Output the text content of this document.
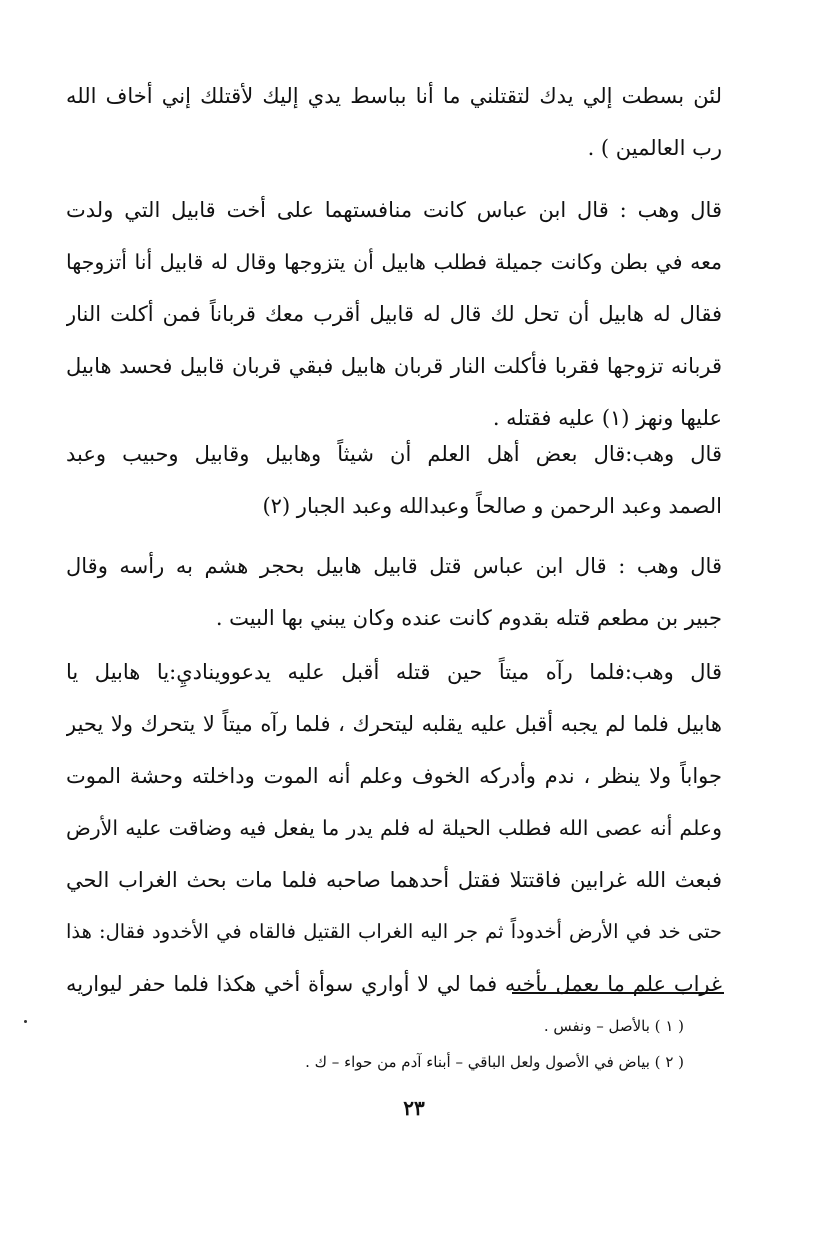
لئن بسطت إلي يدك لتقتلني ما أنا بباسط يدي إليك لأقتلك إني أخاف الله
رب العالمين ) .
قال وهب : قال ابن عباس كانت منافستهما على أخت قابيل التي ولدت
معه في بطن وكانت جميلة فطلب هابيل أن يتزوجها وقال له قابيل أنا أتزوجها
فقال له هابيل أن تحل لك قال له قابيل أقرب معك قرباناً فمن أكلت النار
قربانه تزوجها فقربا فأكلت النار قربان هابيل فبقي قربان قابيل فحسد هابيل
عليها ونهز (١) عليه فقتله .
قال وهب:قال بعض أهل العلم أن شيثاً وهابيل وقابيل وحبيب وعبد
الصمد وعبد الرحمن و صالحاً وعبدالله وعبد الجبار (٢)
قال وهب : قال ابن عباس قتل قابيل هابيل بحجر هشم به رأسه وقال
جبير بن مطعم قتله بقدوم كانت عنده وكان يبني بها البيت .
قال وهب:فلما رآه ميتاً حين قتله أقبل عليه يدعوويناديِ:يا هابيل يا
هابيل فلما لم يجبه أقبل عليه يقلبه ليتحرك ، فلما رآه ميتاً لا يتحرك ولا يحير
جواباً ولا ينظر ، ندم وأدركه الخوف وعلم أنه الموت وداخلته وحشة الموت
وعلم أنه عصى الله فطلب الحيلة له فلم يدر ما يفعل فيه وضاقت عليه الأرض
فبعث الله غرابين فاقتتلا فقتل أحدهما صاحبه فلما مات بحث الغراب الحي
حتى خد في الأرض أخدوداً ثم جر اليه الغراب القتيل فالقاه في الأخدود فقال: هذا
غراب علم ما يعمل بأخيه فما لي لا أواري سوأة أخي هكذا فلما حفر ليواريه
( ١ ) بالأصل – ونفس .
( ٢ ) بياض في الأصول ولعل الباقي – أبناء آدم من حواء – ك .
٢٣
